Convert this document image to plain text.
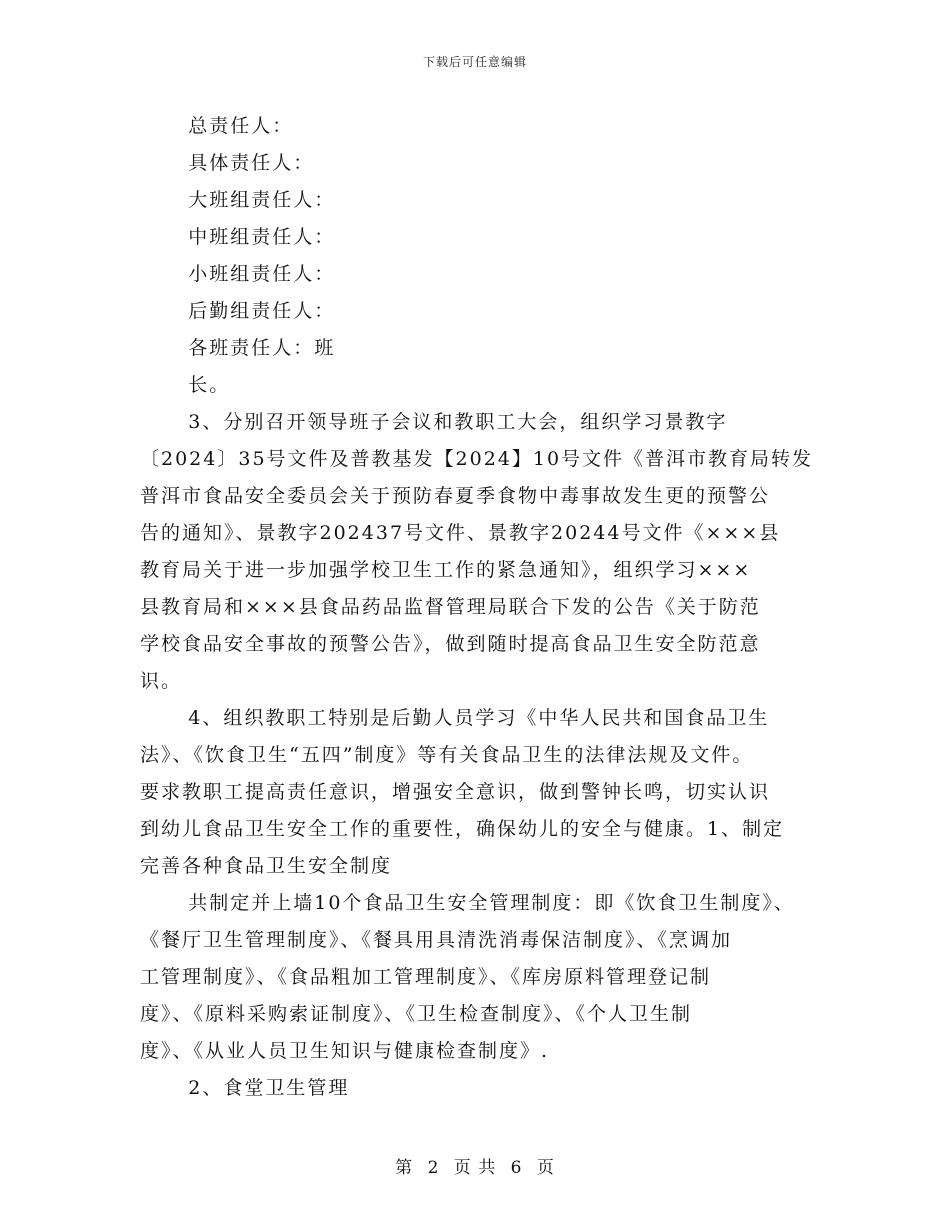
下载后可任意编辑
总责任人：
具体责任人：
大班组责任人：
中班组责任人：
小班组责任人：
后勤组责任人：
各班责任人：班
长。
3、分别召开领导班子会议和教职工大会，组织学习景教字
〔2024〕35号文件及普教基发【2024】10号文件《普洱市教育局转发
普洱市食品安全委员会关于预防春夏季食物中毒事故发生更的预警公
告的通知》、景教字202437号文件、景教字20244号文件《×××县
教育局关于进一步加强学校卫生工作的紧急通知》，组织学习×××
县教育局和×××县食品药品监督管理局联合下发的公告《关于防范
学校食品安全事故的预警公告》，做到随时提高食品卫生安全防范意
识。
4、组织教职工特别是后勤人员学习《中华人民共和国食品卫生
法》、《饮食卫生“五四”制度》等有关食品卫生的法律法规及文件。
要求教职工提高责任意识，增强安全意识，做到警钟长鸣，切实认识
到幼儿食品卫生安全工作的重要性，确保幼儿的安全与健康。1、制定
完善各种食品卫生安全制度
共制定并上墙10个食品卫生安全管理制度：即《饮食卫生制度》、
《餐厅卫生管理制度》、《餐具用具清洗消毒保洁制度》、《烹调加
工管理制度》、《食品粗加工管理制度》、《库房原料管理登记制
度》、《原料采购索证制度》、《卫生检查制度》、《个人卫生制
度》、《从业人员卫生知识与健康检查制度》.
2、食堂卫生管理
第 2 页 共 6 页
